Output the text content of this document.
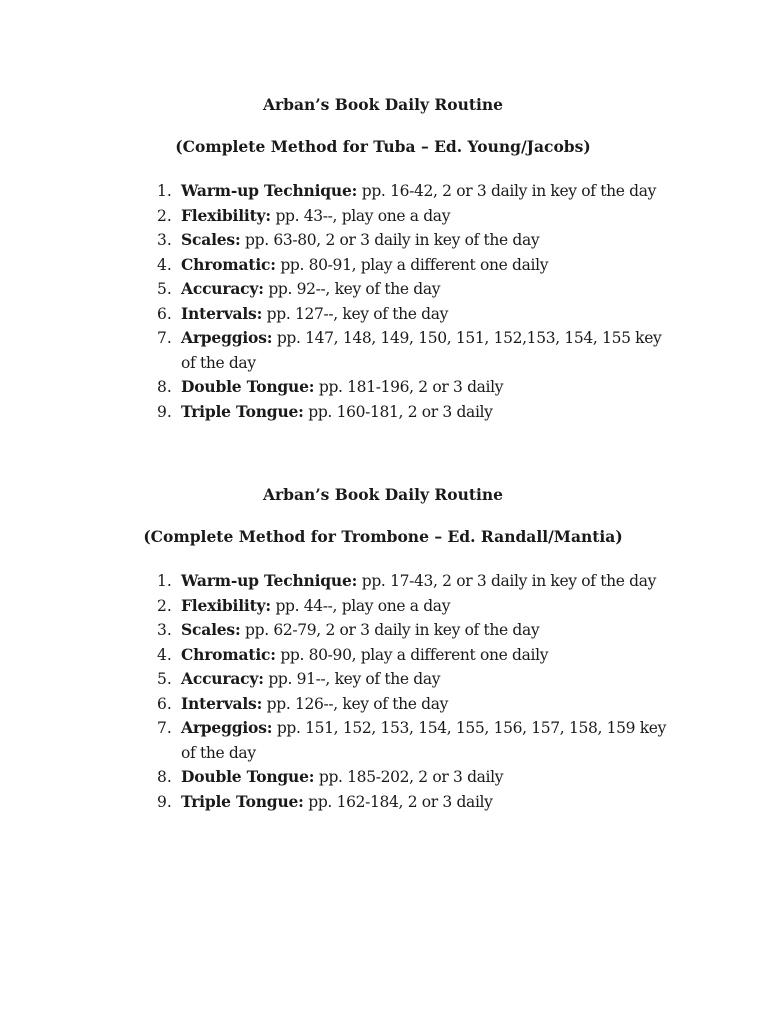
Arban’s Book Daily Routine
(Complete Method for Tuba – Ed. Young/Jacobs)
1. Warm-up Technique: pp. 16-42, 2 or 3 daily in key of the day
2. Flexibility: pp. 43--, play one a day
3. Scales: pp. 63-80, 2 or 3 daily in key of the day
4. Chromatic: pp. 80-91, play a different one daily
5. Accuracy: pp. 92--, key of the day
6. Intervals: pp. 127--, key of the day
7. Arpeggios: pp. 147, 148, 149, 150, 151, 152,153, 154, 155 key of the day
8. Double Tongue: pp. 181-196, 2 or 3 daily
9. Triple Tongue: pp. 160-181, 2 or 3 daily
Arban’s Book Daily Routine
(Complete Method for Trombone – Ed. Randall/Mantia)
1. Warm-up Technique: pp. 17-43, 2 or 3 daily in key of the day
2. Flexibility: pp. 44--, play one a day
3. Scales: pp. 62-79, 2 or 3 daily in key of the day
4. Chromatic: pp. 80-90, play a different one daily
5. Accuracy: pp. 91--, key of the day
6. Intervals: pp. 126--, key of the day
7. Arpeggios: pp. 151, 152, 153, 154, 155, 156, 157, 158, 159 key of the day
8. Double Tongue: pp. 185-202, 2 or 3 daily
9. Triple Tongue: pp. 162-184, 2 or 3 daily
